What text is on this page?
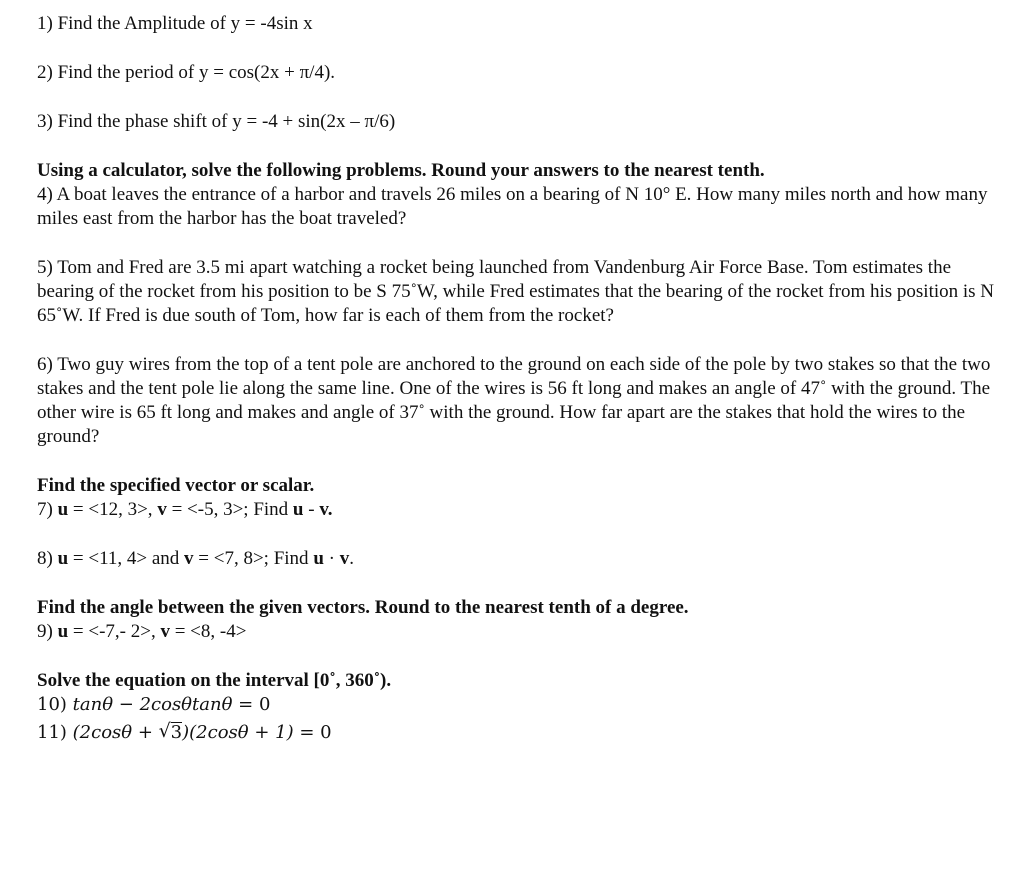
1) Find the Amplitude of y = -4sin x

2) Find the period of y = cos(2x + π/4).

3) Find the phase shift of y = -4 + sin(2x – π/6)

Using a calculator, solve the following problems. Round your answers to the nearest tenth.

4) A boat leaves the entrance of a harbor and travels 26 miles on a bearing of N 10° E. How many miles north and how many miles east from the harbor has the boat traveled?

5) Tom and Fred are 3.5 mi apart watching a rocket being launched from Vandenburg Air Force Base. Tom estimates the bearing of the rocket from his position to be S 75˚W, while Fred estimates that the bearing of the rocket from his position is N 65˚W. If Fred is due south of Tom, how far is each of them from the rocket?

6) Two guy wires from the top of a tent pole are anchored to the ground on each side of the pole by two stakes so that the two stakes and the tent pole lie along the same line. One of the wires is 56 ft long and makes an angle of 47˚ with the ground. The other wire is 65 ft long and makes and angle of 37˚ with the ground. How far apart are the stakes that hold the wires to the ground?

Find the specified vector or scalar.

7) u = <12, 3>, v = <-5, 3>; Find u - v.

8) u = <11, 4> and v = <7, 8>; Find u · v.

Find the angle between the given vectors. Round to the nearest tenth of a degree.

9) u = <-7,- 2>, v = <8, -4>

Solve the equation on the interval [0˚, 360˚).

10) tanθ − 2cosθtanθ = 0

11) (2cosθ + √ 3)(2cosθ + 1) = 0
